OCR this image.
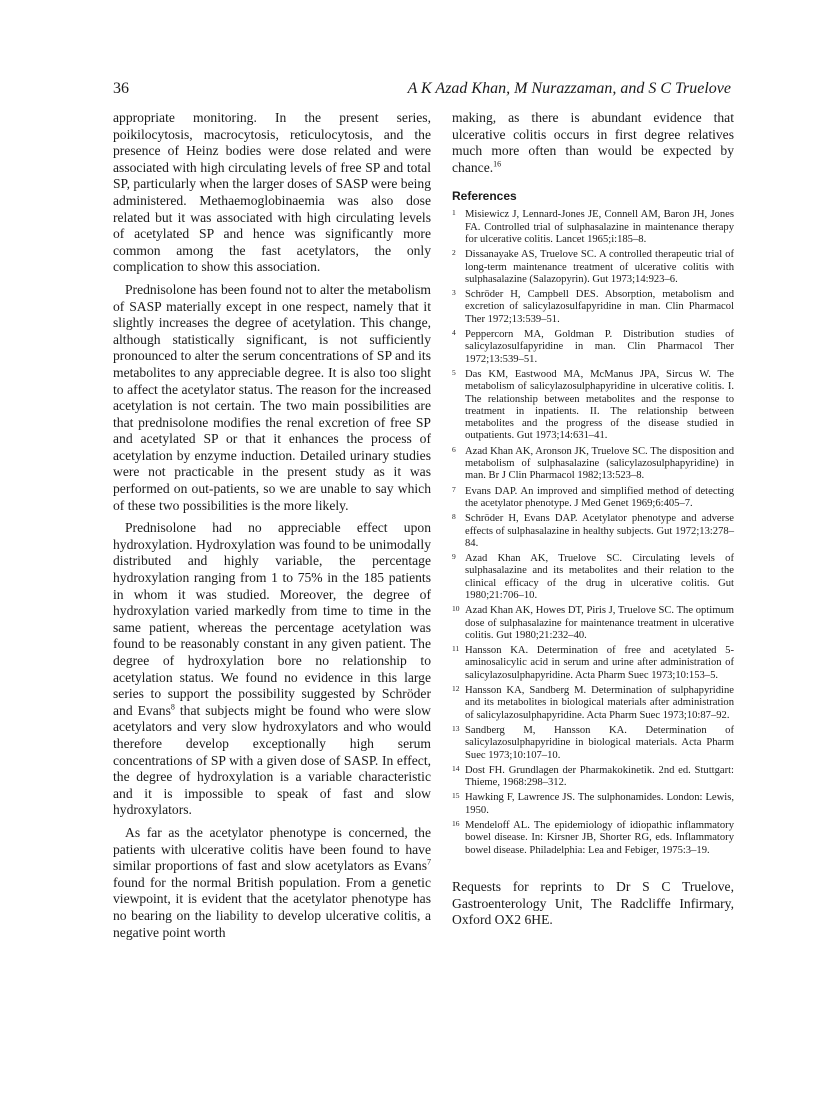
36	A K Azad Khan, M Nurazzaman, and S C Truelove

appropriate monitoring. In the present series, poikilocytosis, macrocytosis, reticulocytosis, and the presence of Heinz bodies were dose related and were associated with high circulating levels of free SP and total SP, particularly when the larger doses of SASP were being administered. Methaemoglobinaemia was also dose related but it was associated with high circulating levels of acetylated SP and hence was significantly more common among the fast acetylators, the only complication to show this association.

Prednisolone has been found not to alter the metabolism of SASP materially except in one respect, namely that it slightly increases the degree of acetylation. This change, although statistically significant, is not sufficiently pronounced to alter the serum concentrations of SP and its metabolites to any appreciable degree. It is also too slight to affect the acetylator status. The reason for the increased acetylation is not certain. The two main possibilities are that prednisolone modifies the renal excretion of free SP and acetylated SP or that it enhances the process of acetylation by enzyme induction. Detailed urinary studies were not practicable in the present study as it was performed on out-patients, so we are unable to say which of these two possibilities is the more likely.

Prednisolone had no appreciable effect upon hydroxylation. Hydroxylation was found to be unimodally distributed and highly variable, the percentage hydroxylation ranging from 1 to 75% in the 185 patients in whom it was studied. Moreover, the degree of hydroxylation varied markedly from time to time in the same patient, whereas the percentage acetylation was found to be reasonably constant in any given patient. The degree of hydroxylation bore no relationship to acetylation status. We found no evidence in this large series to support the possibility suggested by Schröder and Evans$^8$ that subjects might be found who were slow acetylators and very slow hydroxylators and who would therefore develop exceptionally high serum concentrations of SP with a given dose of SASP. In effect, the degree of hydroxylation is a variable characteristic and it is impossible to speak of fast and slow hydroxylators.

As far as the acetylator phenotype is concerned, the patients with ulcerative colitis have been found to have similar proportions of fast and slow acetylators as Evans$^7$ found for the normal British population. From a genetic viewpoint, it is evident that the acetylator phenotype has no bearing on the liability to develop ulcerative colitis, a negative point worth

making, as there is abundant evidence that ulcerative colitis occurs in first degree relatives much more often than would be expected by chance.$^{16}$

References
1 Misiewicz J, Lennard-Jones JE, Connell AM, Baron JH, Jones FA. Controlled trial of sulphasalazine in maintenance therapy for ulcerative colitis. Lancet 1965;i:185–8.
2 Dissanayake AS, Truelove SC. A controlled therapeutic trial of long-term maintenance treatment of ulcerative colitis with sulphasalazine (Salazopyrin). Gut 1973;14:923–6.
3 Schröder H, Campbell DES. Absorption, metabolism and excretion of salicylazosulfapyridine in man. Clin Pharmacol Ther 1972;13:539–51.
4 Peppercorn MA, Goldman P. Distribution studies of salicylazosulfapyridine in man. Clin Pharmacol Ther 1972;13:539–51.
5 Das KM, Eastwood MA, McManus JPA, Sircus W. The metabolism of salicylazosulphapyridine in ulcerative colitis. I. The relationship between metabolites and the response to treatment in inpatients. II. The relationship between metabolites and the progress of the disease studied in outpatients. Gut 1973;14:631–41.
6 Azad Khan AK, Aronson JK, Truelove SC. The disposition and metabolism of sulphasalazine (salicylazosulphapyridine) in man. Br J Clin Pharmacol 1982;13:523–8.
7 Evans DAP. An improved and simplified method of detecting the acetylator phenotype. J Med Genet 1969;6:405–7.
8 Schröder H, Evans DAP. Acetylator phenotype and adverse effects of sulphasalazine in healthy subjects. Gut 1972;13:278–84.
9 Azad Khan AK, Truelove SC. Circulating levels of sulphasalazine and its metabolites and their relation to the clinical efficacy of the drug in ulcerative colitis. Gut 1980;21:706–10.
10 Azad Khan AK, Howes DT, Piris J, Truelove SC. The optimum dose of sulphasalazine for maintenance treatment in ulcerative colitis. Gut 1980;21:232–40.
11 Hansson KA. Determination of free and acetylated 5-aminosalicylic acid in serum and urine after administration of salicylazosulphapyridine. Acta Pharm Suec 1973;10:153–5.
12 Hansson KA, Sandberg M. Determination of sulphapyridine and its metabolites in biological materials after administration of salicylazosulphapyridine. Acta Pharm Suec 1973;10:87–92.
13 Sandberg M, Hansson KA. Determination of salicylazosulphapyridine in biological materials. Acta Pharm Suec 1973;10:107–10.
14 Dost FH. Grundlagen der Pharmakokinetik. 2nd ed. Stuttgart: Thieme, 1968:298–312.
15 Hawking F, Lawrence JS. The sulphonamides. London: Lewis, 1950.
16 Mendeloff AL. The epidemiology of idiopathic inflammatory bowel disease. In: Kirsner JB, Shorter RG, eds. Inflammatory bowel disease. Philadelphia: Lea and Febiger, 1975:3–19.

Requests for reprints to Dr S C Truelove, Gastroenterology Unit, The Radcliffe Infirmary, Oxford OX2 6HE.
